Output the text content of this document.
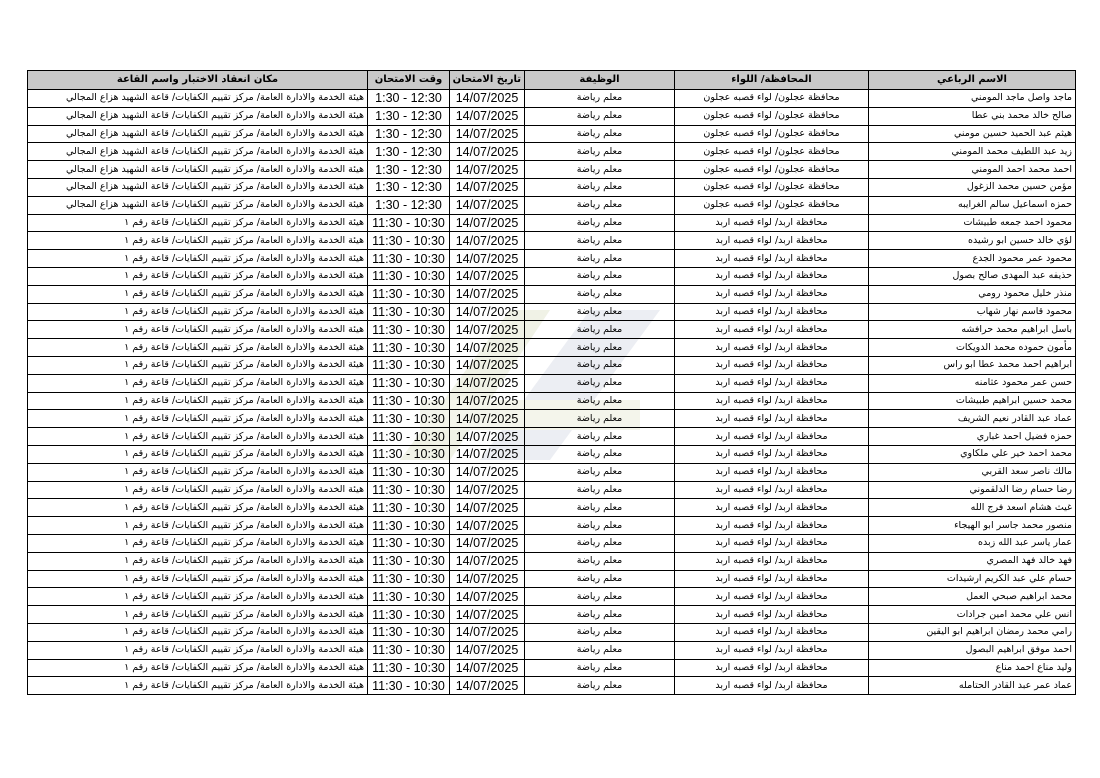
الاسم الرباعي	المحافظة/ اللواء	الوظيفة	تاريخ الامتحان	وقت الامتحان	مكان انعقاد الاختبار واسم القاعة
ماجد واصل ماجد المومني	محافظة عجلون/ لواء قصبه عجلون	معلم رياضة	14/07/2025	1:30 - 12:30	هيئة الخدمة والادارة العامة/ مركز تقييم الكفايات/ قاعة الشهيد هزاع المجالي
صالح خالد محمد بني عطا	محافظة عجلون/ لواء قصبه عجلون	معلم رياضة	14/07/2025	1:30 - 12:30	هيئة الخدمة والادارة العامة/ مركز تقييم الكفايات/ قاعة الشهيد هزاع المجالي
هيثم عبد الحميد حسين مومني	محافظة عجلون/ لواء قصبه عجلون	معلم رياضة	14/07/2025	1:30 - 12:30	هيئة الخدمة والادارة العامة/ مركز تقييم الكفايات/ قاعة الشهيد هزاع المجالي
زيد عبد اللطيف محمد المومني	محافظة عجلون/ لواء قصبه عجلون	معلم رياضة	14/07/2025	1:30 - 12:30	هيئة الخدمة والادارة العامة/ مركز تقييم الكفايات/ قاعة الشهيد هزاع المجالي
احمد محمد احمد المومني	محافظة عجلون/ لواء قصبه عجلون	معلم رياضة	14/07/2025	1:30 - 12:30	هيئة الخدمة والادارة العامة/ مركز تقييم الكفايات/ قاعة الشهيد هزاع المجالي
مؤمن حسين محمد الزغول	محافظة عجلون/ لواء قصبه عجلون	معلم رياضة	14/07/2025	1:30 - 12:30	هيئة الخدمة والادارة العامة/ مركز تقييم الكفايات/ قاعة الشهيد هزاع المجالي
حمزه اسماعيل سالم الغرايبه	محافظة عجلون/ لواء قصبه عجلون	معلم رياضة	14/07/2025	1:30 - 12:30	هيئة الخدمة والادارة العامة/ مركز تقييم الكفايات/ قاعة الشهيد هزاع المجالي
محمود احمد جمعه طبيشات	محافظة اربد/ لواء قصبه اربد	معلم رياضة	14/07/2025	11:30 - 10:30	هيئة الخدمة والادارة العامة/ مركز تقييم الكفايات/ قاعة رقم ١
لؤي خالد حسين ابو رشيده	محافظة اربد/ لواء قصبه اربد	معلم رياضة	14/07/2025	11:30 - 10:30	هيئة الخدمة والادارة العامة/ مركز تقييم الكفايات/ قاعة رقم ١
محمود عمر محمود الجدع	محافظة اربد/ لواء قصبه اربد	معلم رياضة	14/07/2025	11:30 - 10:30	هيئة الخدمة والادارة العامة/ مركز تقييم الكفايات/ قاعة رقم ١
حذيفه عبد المهدى صالح بصول	محافظة اربد/ لواء قصبه اربد	معلم رياضة	14/07/2025	11:30 - 10:30	هيئة الخدمة والادارة العامة/ مركز تقييم الكفايات/ قاعة رقم ١
منذر خليل محمود رومي	محافظة اربد/ لواء قصبه اربد	معلم رياضة	14/07/2025	11:30 - 10:30	هيئة الخدمة والادارة العامة/ مركز تقييم الكفايات/ قاعة رقم ١
محمود قاسم نهار شهاب	محافظة اربد/ لواء قصبه اربد	معلم رياضة	14/07/2025	11:30 - 10:30	هيئة الخدمة والادارة العامة/ مركز تقييم الكفايات/ قاعة رقم ١
باسل ابراهيم محمد حرافشه	محافظة اربد/ لواء قصبه اربد	معلم رياضة	14/07/2025	11:30 - 10:30	هيئة الخدمة والادارة العامة/ مركز تقييم الكفايات/ قاعة رقم ١
مأمون حموده محمد الدويكات	محافظة اربد/ لواء قصبه اربد	معلم رياضة	14/07/2025	11:30 - 10:30	هيئة الخدمة والادارة العامة/ مركز تقييم الكفايات/ قاعة رقم ١
ابراهيم احمد محمد عطا ابو راس	محافظة اربد/ لواء قصبه اربد	معلم رياضة	14/07/2025	11:30 - 10:30	هيئة الخدمة والادارة العامة/ مركز تقييم الكفايات/ قاعة رقم ١
حسن عمر محمود عثامنه	محافظة اربد/ لواء قصبه اربد	معلم رياضة	14/07/2025	11:30 - 10:30	هيئة الخدمة والادارة العامة/ مركز تقييم الكفايات/ قاعة رقم ١
محمد حسين ابراهيم طبيشات	محافظة اربد/ لواء قصبه اربد	معلم رياضة	14/07/2025	11:30 - 10:30	هيئة الخدمة والادارة العامة/ مركز تقييم الكفايات/ قاعة رقم ١
عماد عبد القادر نعيم الشريف	محافظة اربد/ لواء قصبه اربد	معلم رياضة	14/07/2025	11:30 - 10:30	هيئة الخدمة والادارة العامة/ مركز تقييم الكفايات/ قاعة رقم ١
حمزه فضيل احمد غباري	محافظة اربد/ لواء قصبه اربد	معلم رياضة	14/07/2025	11:30 - 10:30	هيئة الخدمة والادارة العامة/ مركز تقييم الكفايات/ قاعة رقم ١
محمد احمد خير علي ملكاوي	محافظة اربد/ لواء قصبه اربد	معلم رياضة	14/07/2025	11:30 - 10:30	هيئة الخدمة والادارة العامة/ مركز تقييم الكفايات/ قاعة رقم ١
مالك ناصر سعد القربي	محافظة اربد/ لواء قصبه اربد	معلم رياضة	14/07/2025	11:30 - 10:30	هيئة الخدمة والادارة العامة/ مركز تقييم الكفايات/ قاعة رقم ١
رضا حسام رضا الدلقموني	محافظة اربد/ لواء قصبه اربد	معلم رياضة	14/07/2025	11:30 - 10:30	هيئة الخدمة والادارة العامة/ مركز تقييم الكفايات/ قاعة رقم ١
غيث هشام اسعد فرج الله	محافظة اربد/ لواء قصبه اربد	معلم رياضة	14/07/2025	11:30 - 10:30	هيئة الخدمة والادارة العامة/ مركز تقييم الكفايات/ قاعة رقم ١
منصور محمد جاسر ابو الهيجاء	محافظة اربد/ لواء قصبه اربد	معلم رياضة	14/07/2025	11:30 - 10:30	هيئة الخدمة والادارة العامة/ مركز تقييم الكفايات/ قاعة رقم ١
عمار ياسر عبد الله زبده	محافظة اربد/ لواء قصبه اربد	معلم رياضة	14/07/2025	11:30 - 10:30	هيئة الخدمة والادارة العامة/ مركز تقييم الكفايات/ قاعة رقم ١
فهد خالد فهد المصري	محافظة اربد/ لواء قصبه اربد	معلم رياضة	14/07/2025	11:30 - 10:30	هيئة الخدمة والادارة العامة/ مركز تقييم الكفايات/ قاعة رقم ١
حسام علي عبد الكريم ارشيدات	محافظة اربد/ لواء قصبه اربد	معلم رياضة	14/07/2025	11:30 - 10:30	هيئة الخدمة والادارة العامة/ مركز تقييم الكفايات/ قاعة رقم ١
محمد ابراهيم صبحي العمل	محافظة اربد/ لواء قصبه اربد	معلم رياضة	14/07/2025	11:30 - 10:30	هيئة الخدمة والادارة العامة/ مركز تقييم الكفايات/ قاعة رقم ١
انس علي محمد امين جرادات	محافظة اربد/ لواء قصبه اربد	معلم رياضة	14/07/2025	11:30 - 10:30	هيئة الخدمة والادارة العامة/ مركز تقييم الكفايات/ قاعة رقم ١
رامي محمد رمضان ابراهيم ابو اليقين	محافظة اربد/ لواء قصبه اربد	معلم رياضة	14/07/2025	11:30 - 10:30	هيئة الخدمة والادارة العامة/ مركز تقييم الكفايات/ قاعة رقم ١
احمد موفق ابراهيم البصول	محافظة اربد/ لواء قصبه اربد	معلم رياضة	14/07/2025	11:30 - 10:30	هيئة الخدمة والادارة العامة/ مركز تقييم الكفايات/ قاعة رقم ١
وليد مناع احمد مناع	محافظة اربد/ لواء قصبه اربد	معلم رياضة	14/07/2025	11:30 - 10:30	هيئة الخدمة والادارة العامة/ مركز تقييم الكفايات/ قاعة رقم ١
عماد عمر عبد القادر الحتامله	محافظة اربد/ لواء قصبه اربد	معلم رياضة	14/07/2025	11:30 - 10:30	هيئة الخدمة والادارة العامة/ مركز تقييم الكفايات/ قاعة رقم ١
